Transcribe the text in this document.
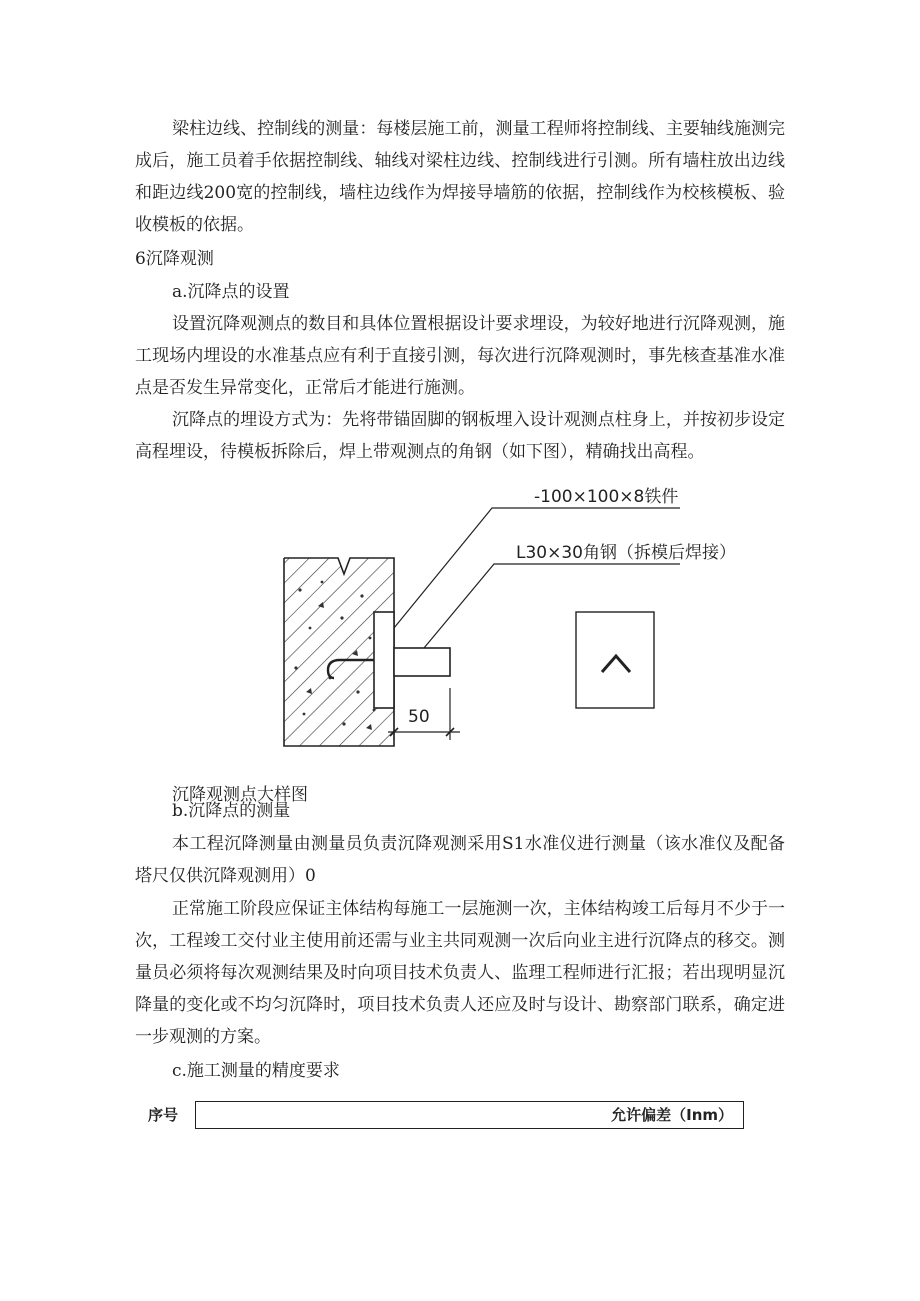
梁柱边线、控制线的测量：每楼层施工前，测量工程师将控制线、主要轴线施测完成后，施工员着手依据控制线、轴线对梁柱边线、控制线进行引测。所有墙柱放出边线和距边线200宽的控制线，墙柱边线作为焊接导墙筋的依据，控制线作为校核模板、验收模板的依据。

6沉降观测

a.沉降点的设置

设置沉降观测点的数目和具体位置根据设计要求埋设，为较好地进行沉降观测，施工现场内埋设的水准基点应有利于直接引测，每次进行沉降观测时，事先核查基准水准点是否发生异常变化，正常后才能进行施测。

沉降点的埋设方式为：先将带锚固脚的钢板埋入设计观测点柱身上，并按初步设定高程埋设，待模板拆除后，焊上带观测点的角钢（如下图），精确找出高程。

50
-100×100×8铁件
L30×30角钢（拆模后焊接）

沉降观测点大样图

b.沉降点的测量

本工程沉降测量由测量员负责沉降观测采用S1水准仪进行测量（该水准仪及配备塔尺仅供沉降观测用）0

正常施工阶段应保证主体结构每施工一层施测一次，主体结构竣工后每月不少于一次，工程竣工交付业主使用前还需与业主共同观测一次后向业主进行沉降点的移交。测量员必须将每次观测结果及时向项目技术负责人、监理工程师进行汇报；若出现明显沉降量的变化或不均匀沉降时，项目技术负责人还应及时与设计、勘察部门联系，确定进一步观测的方案。

c.施工测量的精度要求

序号	允许偏差（Inm）
